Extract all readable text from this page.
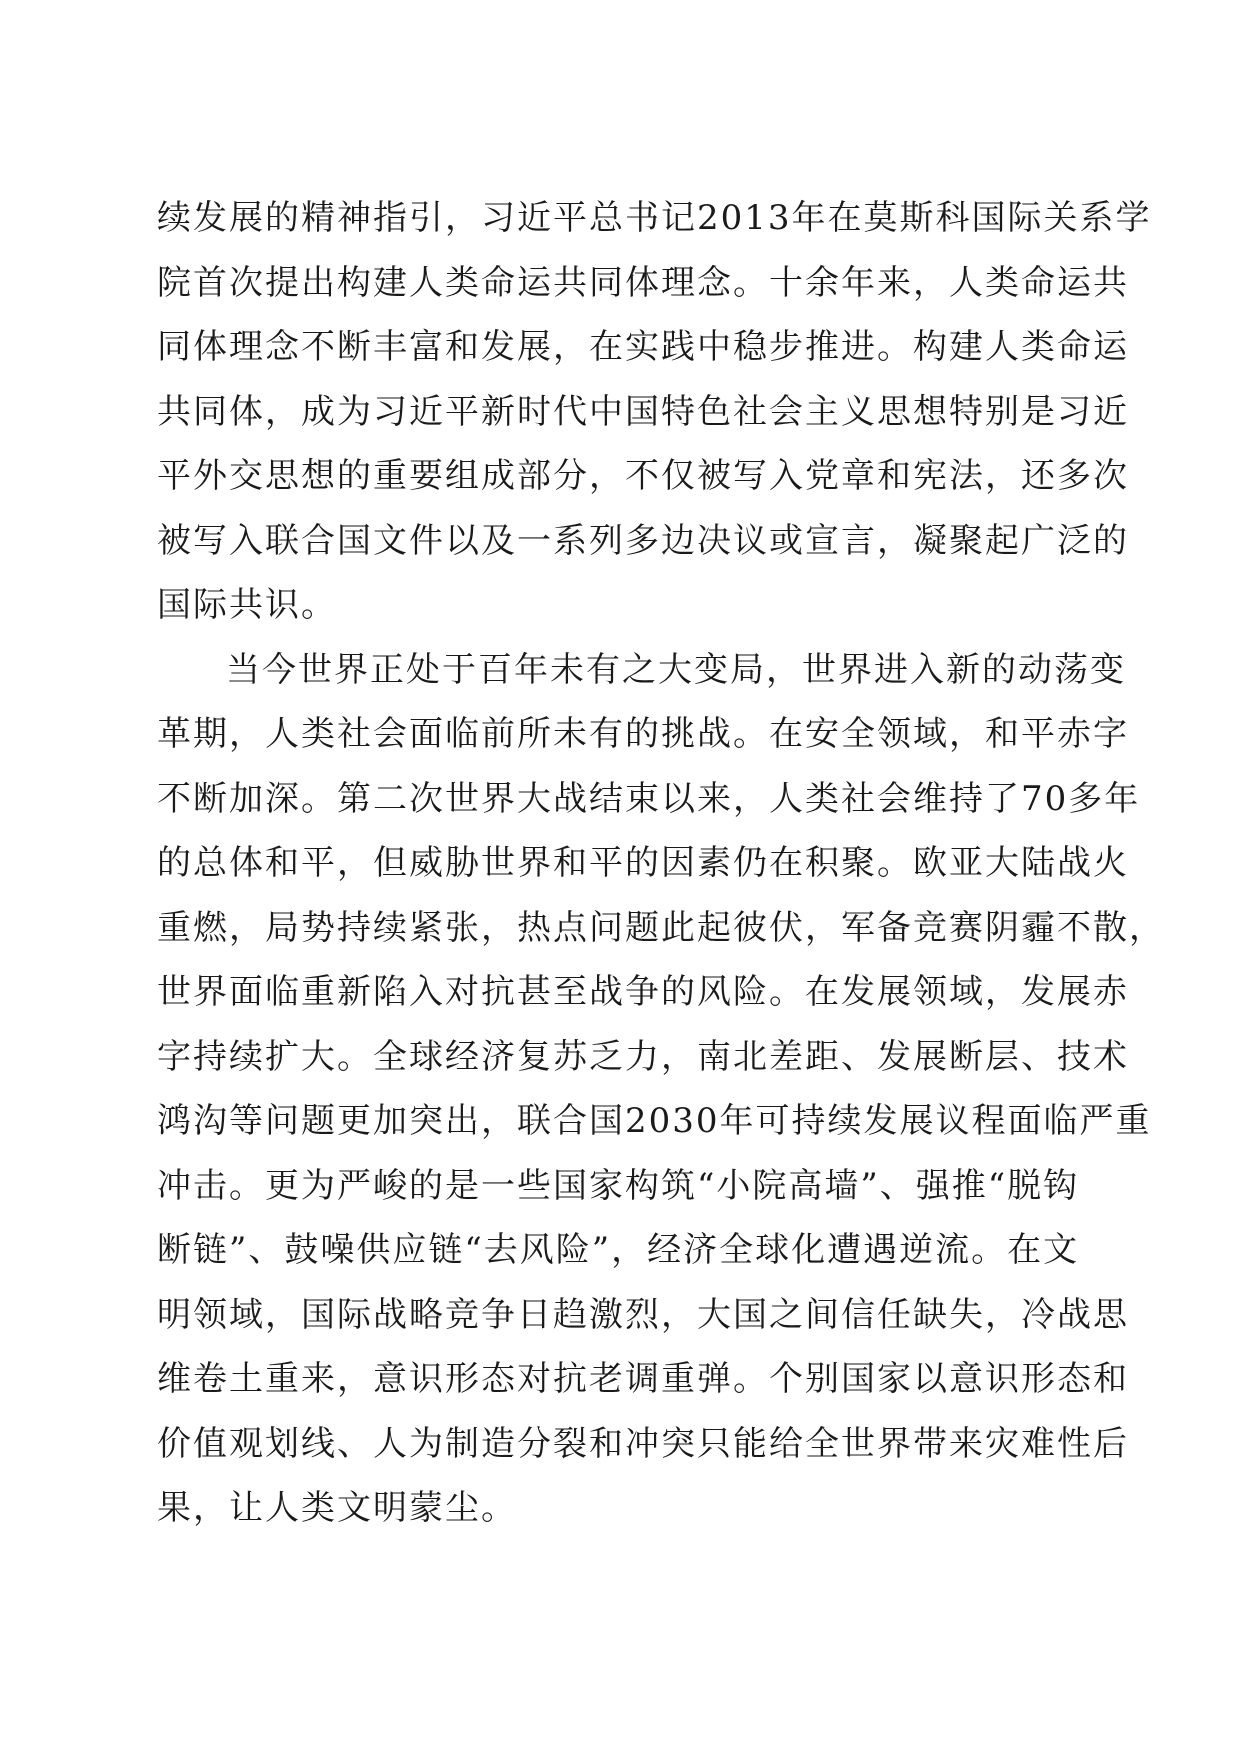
续发展的精神指引，习近平总书记2013年在莫斯科国际关系学
院首次提出构建人类命运共同体理念。十余年来，人类命运共
同体理念不断丰富和发展，在实践中稳步推进。构建人类命运
共同体，成为习近平新时代中国特色社会主义思想特别是习近
平外交思想的重要组成部分，不仅被写入党章和宪法，还多次
被写入联合国文件以及一系列多边决议或宣言，凝聚起广泛的
国际共识。
当今世界正处于百年未有之大变局，世界进入新的动荡变
革期，人类社会面临前所未有的挑战。在安全领域，和平赤字
不断加深。第二次世界大战结束以来，人类社会维持了70多年
的总体和平，但威胁世界和平的因素仍在积聚。欧亚大陆战火
重燃，局势持续紧张，热点问题此起彼伏，军备竞赛阴霾不散，
世界面临重新陷入对抗甚至战争的风险。在发展领域，发展赤
字持续扩大。全球经济复苏乏力，南北差距、发展断层、技术
鸿沟等问题更加突出，联合国2030年可持续发展议程面临严重
冲击。更为严峻的是一些国家构筑“小院高墙”、强推“脱钩
断链”、鼓噪供应链“去风险”，经济全球化遭遇逆流。在文
明领域，国际战略竞争日趋激烈，大国之间信任缺失，冷战思
维卷土重来，意识形态对抗老调重弹。个别国家以意识形态和
价值观划线、人为制造分裂和冲突只能给全世界带来灾难性后
果，让人类文明蒙尘。
